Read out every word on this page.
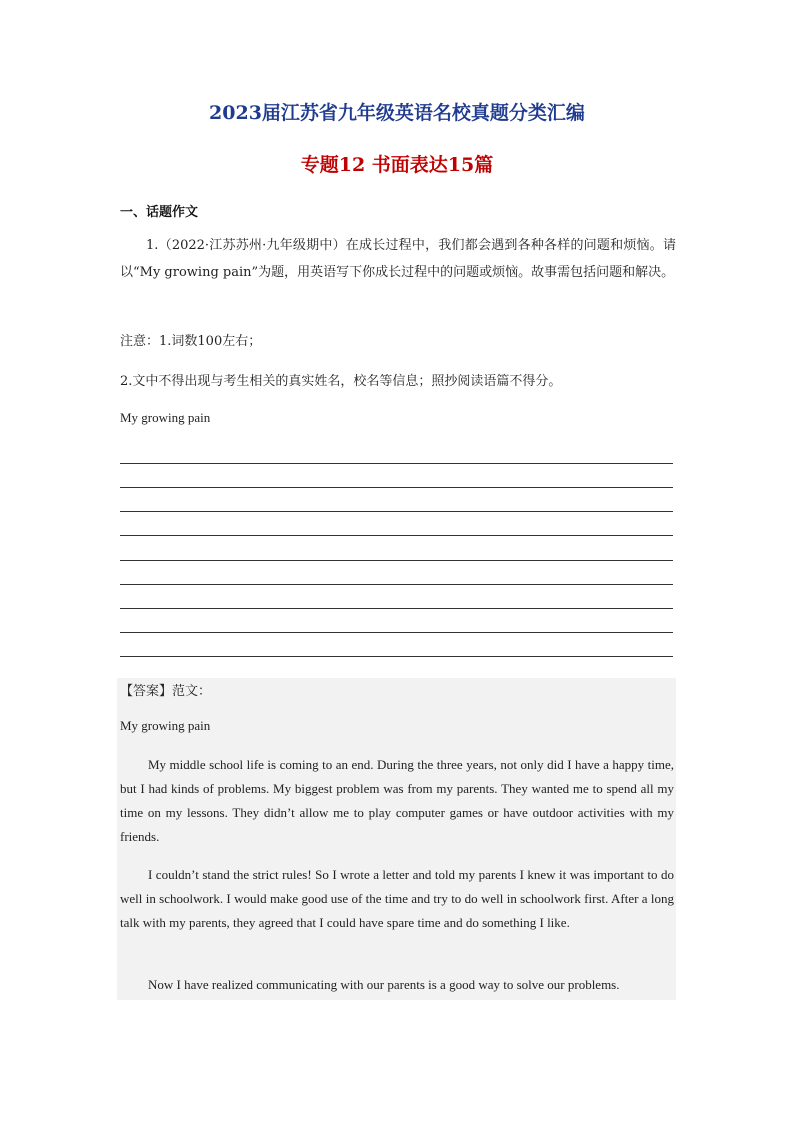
2023届江苏省九年级英语名校真题分类汇编
专题12 书面表达15篇
一、话题作文
1.（2022·江苏苏州·九年级期中）在成长过程中，我们都会遇到各种各样的问题和烦恼。请以“My growing pain”为题，用英语写下你成长过程中的问题或烦恼。故事需包括问题和解决。
注意：1.词数100左右；
2.文中不得出现与考生相关的真实姓名，校名等信息；照抄阅读语篇不得分。
My growing pain
【答案】范文：
My growing pain
My middle school life is coming to an end. During the three years, not only did I have a happy time, but I had kinds of problems. My biggest problem was from my parents. They wanted me to spend all my time on my lessons. They didn’t allow me to play computer games or have outdoor activities with my friends.
I couldn’t stand the strict rules! So I wrote a letter and told my parents I knew it was important to do well in schoolwork. I would make good use of the time and try to do well in schoolwork first. After a long talk with my parents, they agreed that I could have spare time and do something I like.
Now I have realized communicating with our parents is a good way to solve our problems.
